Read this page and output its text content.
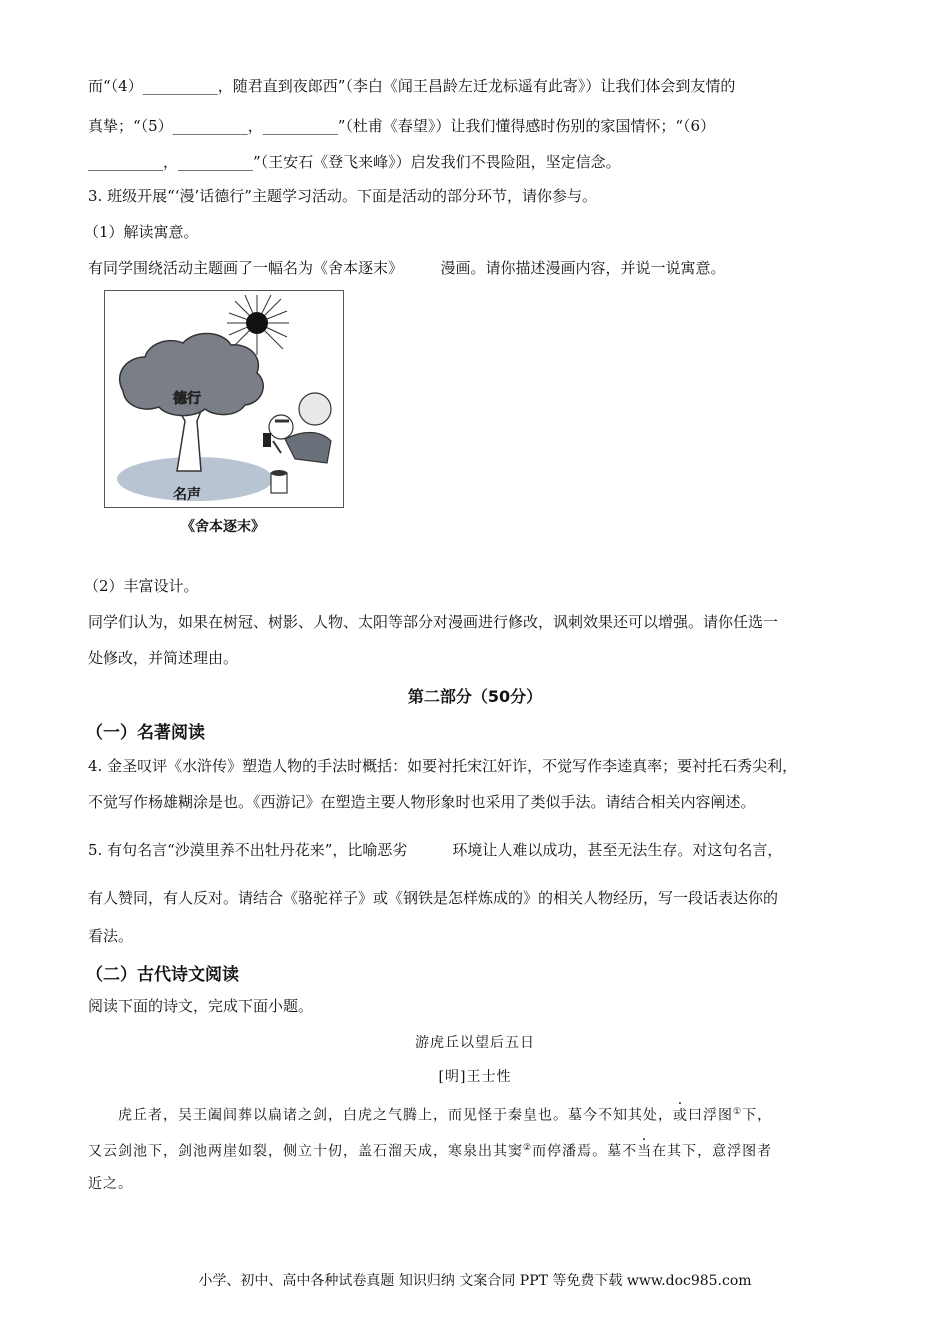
而“（4）__________，随君直到夜郎西”（李白《闻王昌龄左迁龙标遥有此寄》）让我们体会到友情的
真挚；“（5）__________，__________”（杜甫《春望》）让我们懂得感时伤别的家国情怀；“（6）
__________，__________”（王安石《登飞来峰》）启发我们不畏险阻，坚定信念。
3. 班级开展“‘漫’话德行”主题学习活动。下面是活动的部分环节，请你参与。
（1）解读寓意。
有同学围绕活动主题画了一幅名为《舍本逐末》　　　漫画。请你描述漫画内容，并说一说寓意。
德行
名声
《舍本逐末》
（2）丰富设计。
同学们认为，如果在树冠、树影、人物、太阳等部分对漫画进行修改，讽刺效果还可以增强。请你任选一
处修改，并简述理由。
第二部分（50分）
（一）名著阅读
4. 金圣叹评《水浒传》塑造人物的手法时概括：如要衬托宋江奸诈，不觉写作李逵真率；要衬托石秀尖利，
不觉写作杨雄糊涂是也。《西游记》在塑造主要人物形象时也采用了类似手法。请结合相关内容阐述。
5. 有句名言“沙漠里养不出牡丹花来”，比喻恶劣　　　环境让人难以成功，甚至无法生存。对这句名言，
有人赞同，有人反对。请结合《骆驼祥子》或《钢铁是怎样炼成的》的相关人物经历，写一段话表达你的
看法。
（二）古代诗文阅读
阅读下面的诗文，完成下面小题。
游虎丘以望后五日
[明]王士性
虎丘者，吴王阖闾葬以扁诸之剑，白虎之气腾上，而见怪于秦皇也。墓今不知其处，或曰浮图①下，
又云剑池下，剑池两崖如裂，侧立十仞，盖石溜天成，寒泉出其窦②而停潘焉。墓不当在其下，意浮图者
近之。
小学、初中、高中各种试卷真题 知识归纳 文案合同 PPT 等免费下载 www.doc985.com
